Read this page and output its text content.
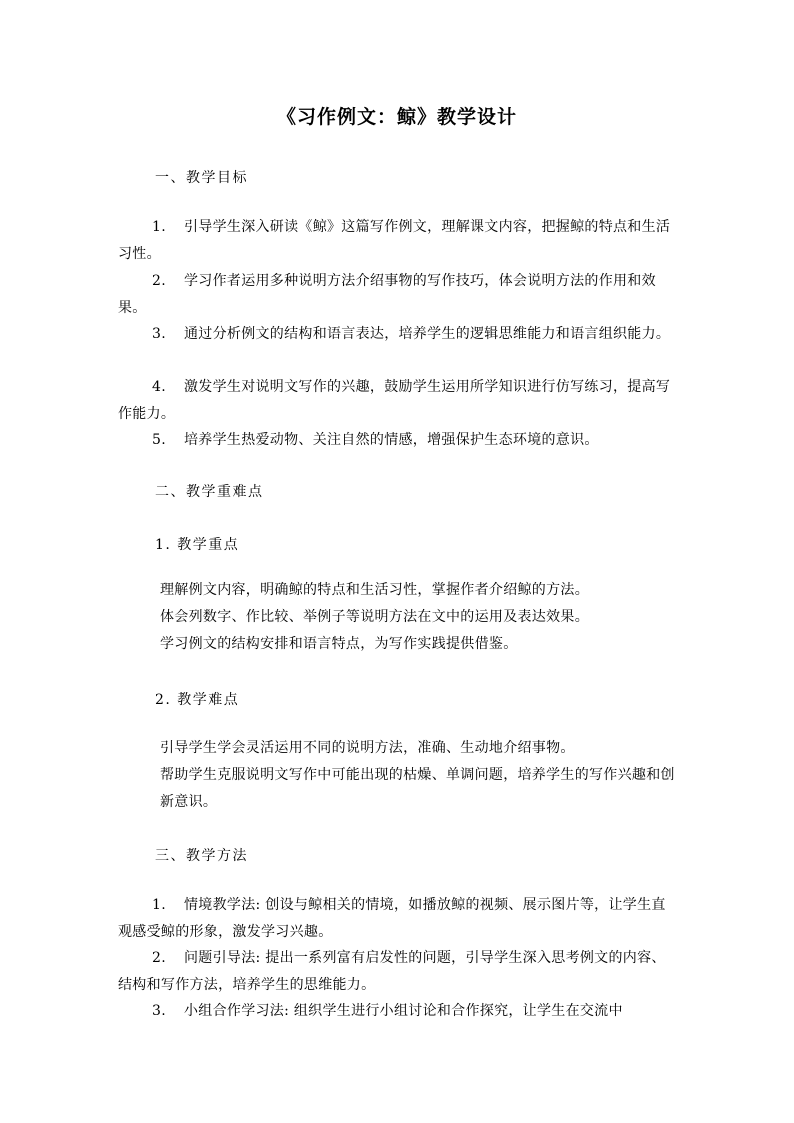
《习作例文：鲸》教学设计
一、教学目标
1. 引导学生深入研读《鲸》这篇写作例文，理解课文内容，把握鲸的特点和生活习性。
2. 学习作者运用多种说明方法介绍事物的写作技巧，体会说明方法的作用和效果。
3. 通过分析例文的结构和语言表达，培养学生的逻辑思维能力和语言组织能力。
4. 激发学生对说明文写作的兴趣，鼓励学生运用所学知识进行仿写练习，提高写作能力。
5. 培养学生热爱动物、关注自然的情感，增强保护生态环境的意识。
二、教学重难点
1. 教学重点
理解例文内容，明确鲸的特点和生活习性，掌握作者介绍鲸的方法。
体会列数字、作比较、举例子等说明方法在文中的运用及表达效果。
学习例文的结构安排和语言特点，为写作实践提供借鉴。
2. 教学难点
引导学生学会灵活运用不同的说明方法，准确、生动地介绍事物。
帮助学生克服说明文写作中可能出现的枯燥、单调问题，培养学生的写作兴趣和创新意识。
三、教学方法
1. 情境教学法: 创设与鲸相关的情境，如播放鲸的视频、展示图片等，让学生直观感受鲸的形象，激发学习兴趣。
2. 问题引导法: 提出一系列富有启发性的问题，引导学生深入思考例文的内容、结构和写作方法，培养学生的思维能力。
3. 小组合作学习法: 组织学生进行小组讨论和合作探究，让学生在交流中
